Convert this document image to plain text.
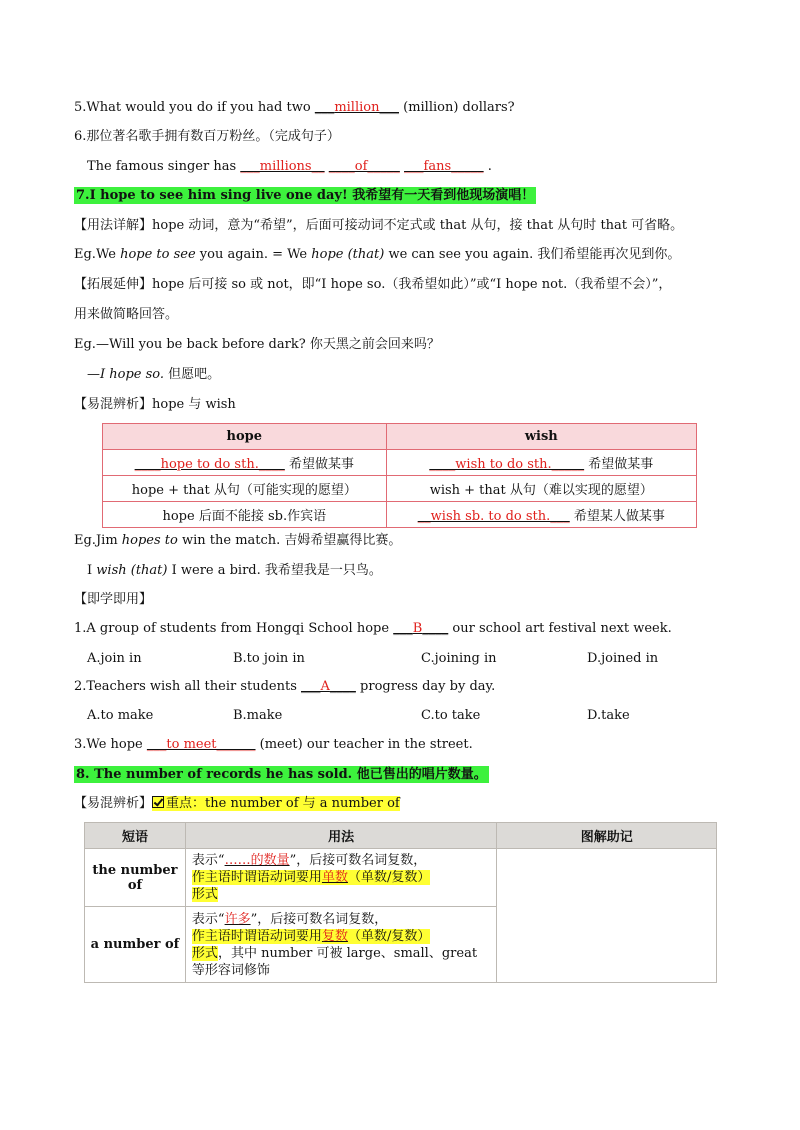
5.What would you do if you had two ___million___ (million) dollars?
6.那位著名歌手拥有数百万粉丝。（完成句子）
The famous singer has ___millions__ ____of_____ ___fans_____ .
7.I hope to see him sing live one day! 我希望有一天看到他现场演唱！
【用法详解】hope 动词，意为“希望”，后面可接动词不定式或 that 从句，接 that 从句时 that 可省略。
Eg.We hope to see you again. = We hope (that) we can see you again. 我们希望能再次见到你。
【拓展延伸】hope 后可接 so 或 not，即“I hope so.（我希望如此）”或“I hope not.（我希望不会）”，
用来做简略回答。
Eg.—Will you be back before dark? 你天黑之前会回来吗？
—I hope so. 但愿吧。
【易混辨析】hope 与 wish
hope	wish
____hope to do sth.____ 希望做某事	____wish to do sth._____ 希望做某事
hope + that 从句（可能实现的愿望）	wish + that 从句（难以实现的愿望）
hope 后面不能接 sb.作宾语	__wish sb. to do sth.___ 希望某人做某事
Eg.Jim hopes to win the match. 吉姆希望赢得比赛。
I wish (that) I were a bird. 我希望我是一只鸟。
【即学即用】
1.A group of students from Hongqi School hope ___B____ our school art festival next week.
A.join in	B.to join in	C.joining in	D.joined in
2.Teachers wish all their students ___A____ progress day by day.
A.to make	B.make	C.to take	D.take
3.We hope ___to meet______ (meet) our teacher in the street.
8. The number of records he has sold. 他已售出的唱片数量。
【易混辨析】 重点：the number of 与 a number of
短语	用法	图解助记
the number of	表示“……的数量”，后接可数名词复数，
作主语时谓语动词要用单数（单数/复数）
形式	
a number of	表示“许多”，后接可数名词复数，
作主语时谓语动词要用复数（单数/复数）
形式，其中 number 可被 large、small、great 等形容词修饰	
